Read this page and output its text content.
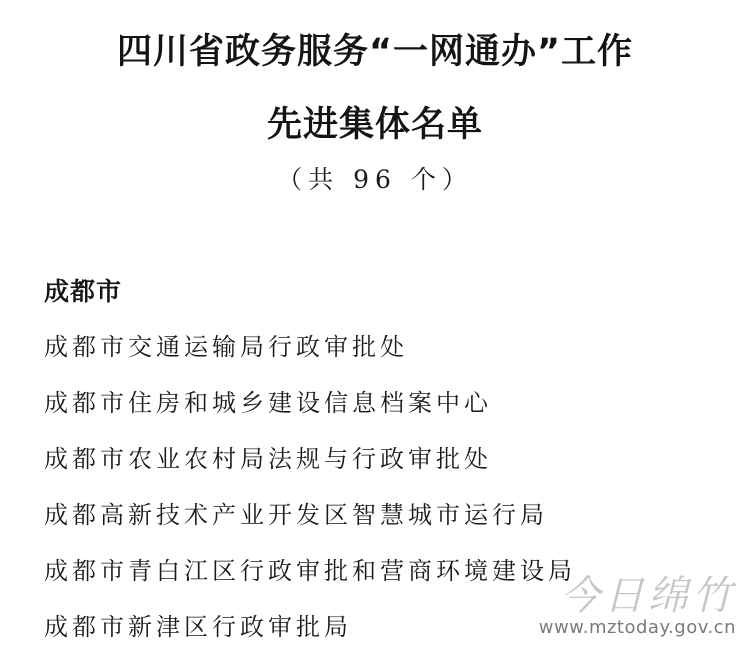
四川省政务服务“一网通办”工作
先进集体名单
（共 96 个）
成都市
成都市交通运输局行政审批处
成都市住房和城乡建设信息档案中心
成都市农业农村局法规与行政审批处
成都高新技术产业开发区智慧城市运行局
成都市青白江区行政审批和营商环境建设局
成都市新津区行政审批局
今日绵竹
www.mztoday.gov.cn
